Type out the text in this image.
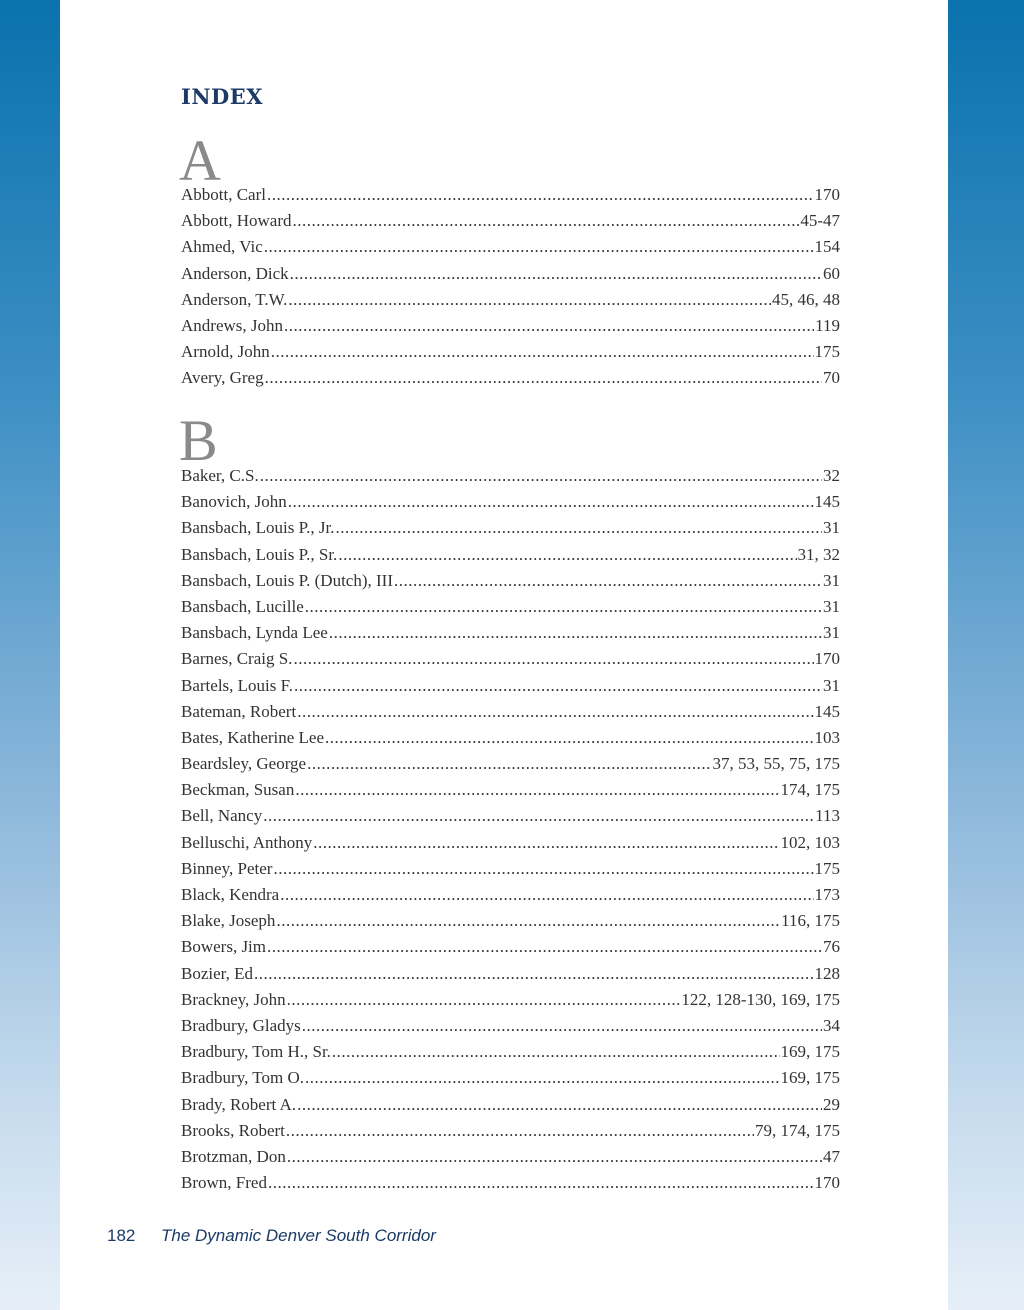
INDEX
A
Abbott, Carl .....	170
Abbott, Howard .....	45-47
Ahmed, Vic .....	154
Anderson, Dick .....	60
Anderson, T.W. .....	45, 46, 48
Andrews, John .....	119
Arnold, John .....	175
Avery, Greg .....	70
B
Baker, C.S. .....	32
Banovich, John .....	145
Bansbach, Louis P., Jr. .....	31
Bansbach, Louis P., Sr. .....	31, 32
Bansbach, Louis P. (Dutch), III .....	31
Bansbach, Lucille .....	31
Bansbach, Lynda Lee .....	31
Barnes, Craig S. .....	170
Bartels, Louis F. .....	31
Bateman, Robert .....	145
Bates, Katherine Lee .....	103
Beardsley, George .....	37, 53, 55, 75, 175
Beckman, Susan .....	174, 175
Bell, Nancy .....	113
Belluschi, Anthony .....	102, 103
Binney, Peter .....	175
Black, Kendra .....	173
Blake, Joseph .....	116, 175
Bowers, Jim .....	76
Bozier, Ed .....	128
Brackney, John .....	122, 128-130, 169, 175
Bradbury, Gladys .....	34
Bradbury, Tom H., Sr. .....	169, 175
Bradbury, Tom O. .....	169, 175
Brady, Robert A. .....	29
Brooks, Robert .....	79, 174, 175
Brotzman, Don .....	47
Brown, Fred .....	170
182 The Dynamic Denver South Corridor
